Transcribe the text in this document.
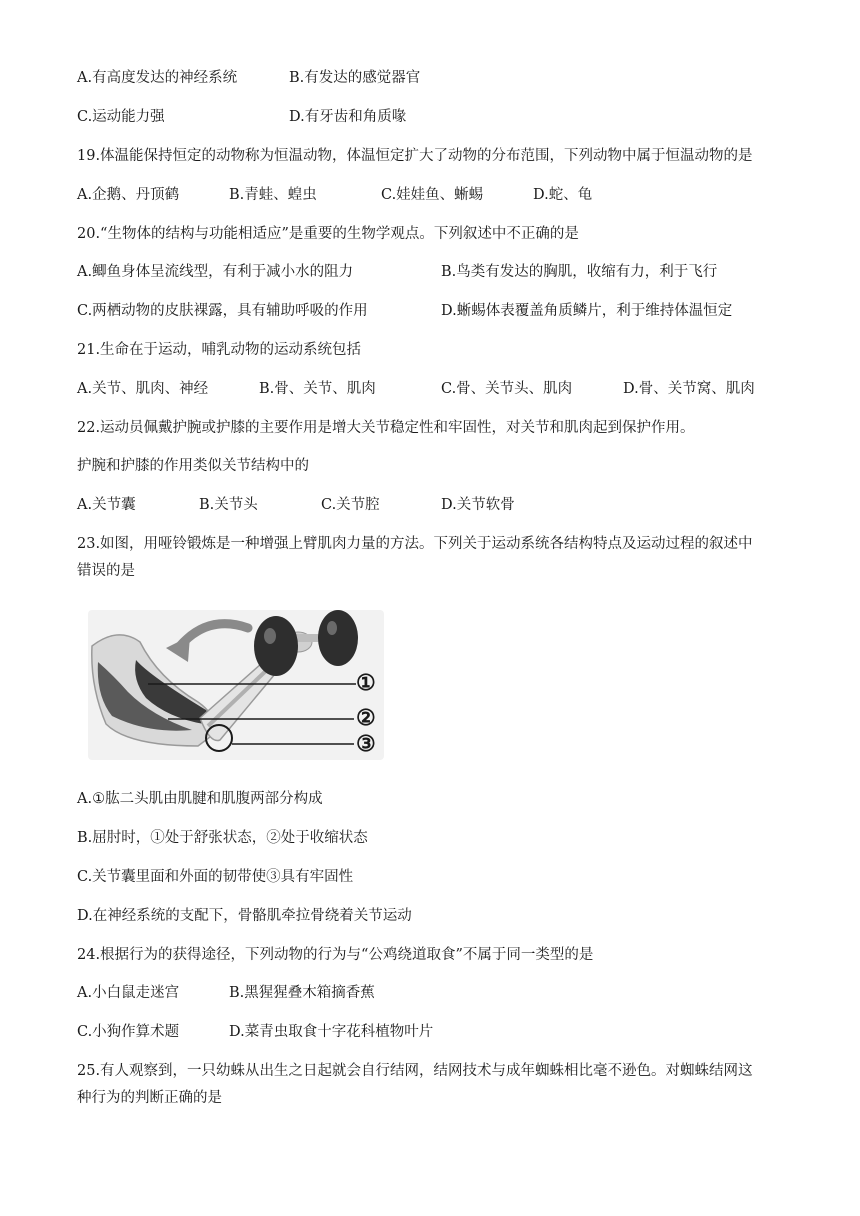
A.有高度发达的神经系统	B.有发达的感觉器官
C.运动能力强	D.有牙齿和角质喙
19.体温能保持恒定的动物称为恒温动物，体温恒定扩大了动物的分布范围，下列动物中属于恒温动物的是
A.企鹅、丹顶鹤	B.青蛙、蝗虫	C.娃娃鱼、蜥蜴	D.蛇、龟
20.“生物体的结构与功能相适应”是重要的生物学观点。下列叙述中不正确的是
A.鲫鱼身体呈流线型，有利于减小水的阻力	B.鸟类有发达的胸肌，收缩有力，利于飞行
C.两栖动物的皮肤裸露，具有辅助呼吸的作用	D.蜥蜴体表覆盖角质鳞片，利于维持体温恒定
21.生命在于运动，哺乳动物的运动系统包括
A.关节、肌肉、神经	B.骨、关节、肌肉	C.骨、关节头、肌肉	D.骨、关节窝、肌肉
22.运动员佩戴护腕或护膝的主要作用是增大关节稳定性和牢固性，对关节和肌肉起到保护作用。
护腕和护膝的作用类似关节结构中的
A.关节囊	B.关节头	C.关节腔	D.关节软骨
23.如图，用哑铃锻炼是一种增强上臂肌肉力量的方法。下列关于运动系统各结构特点及运动过程的叙述中
错误的是
①
②
③
A.①肱二头肌由肌腱和肌腹两部分构成
B.屈肘时，①处于舒张状态，②处于收缩状态
C.关节囊里面和外面的韧带使③具有牢固性
D.在神经系统的支配下，骨骼肌牵拉骨绕着关节运动
24.根据行为的获得途径，下列动物的行为与“公鸡绕道取食”不属于同一类型的是
A.小白鼠走迷宫	B.黑猩猩叠木箱摘香蕉
C.小狗作算术题	D.菜青虫取食十字花科植物叶片
25.有人观察到，一只幼蛛从出生之日起就会自行结网，结网技术与成年蜘蛛相比毫不逊色。对蜘蛛结网这
种行为的判断正确的是
